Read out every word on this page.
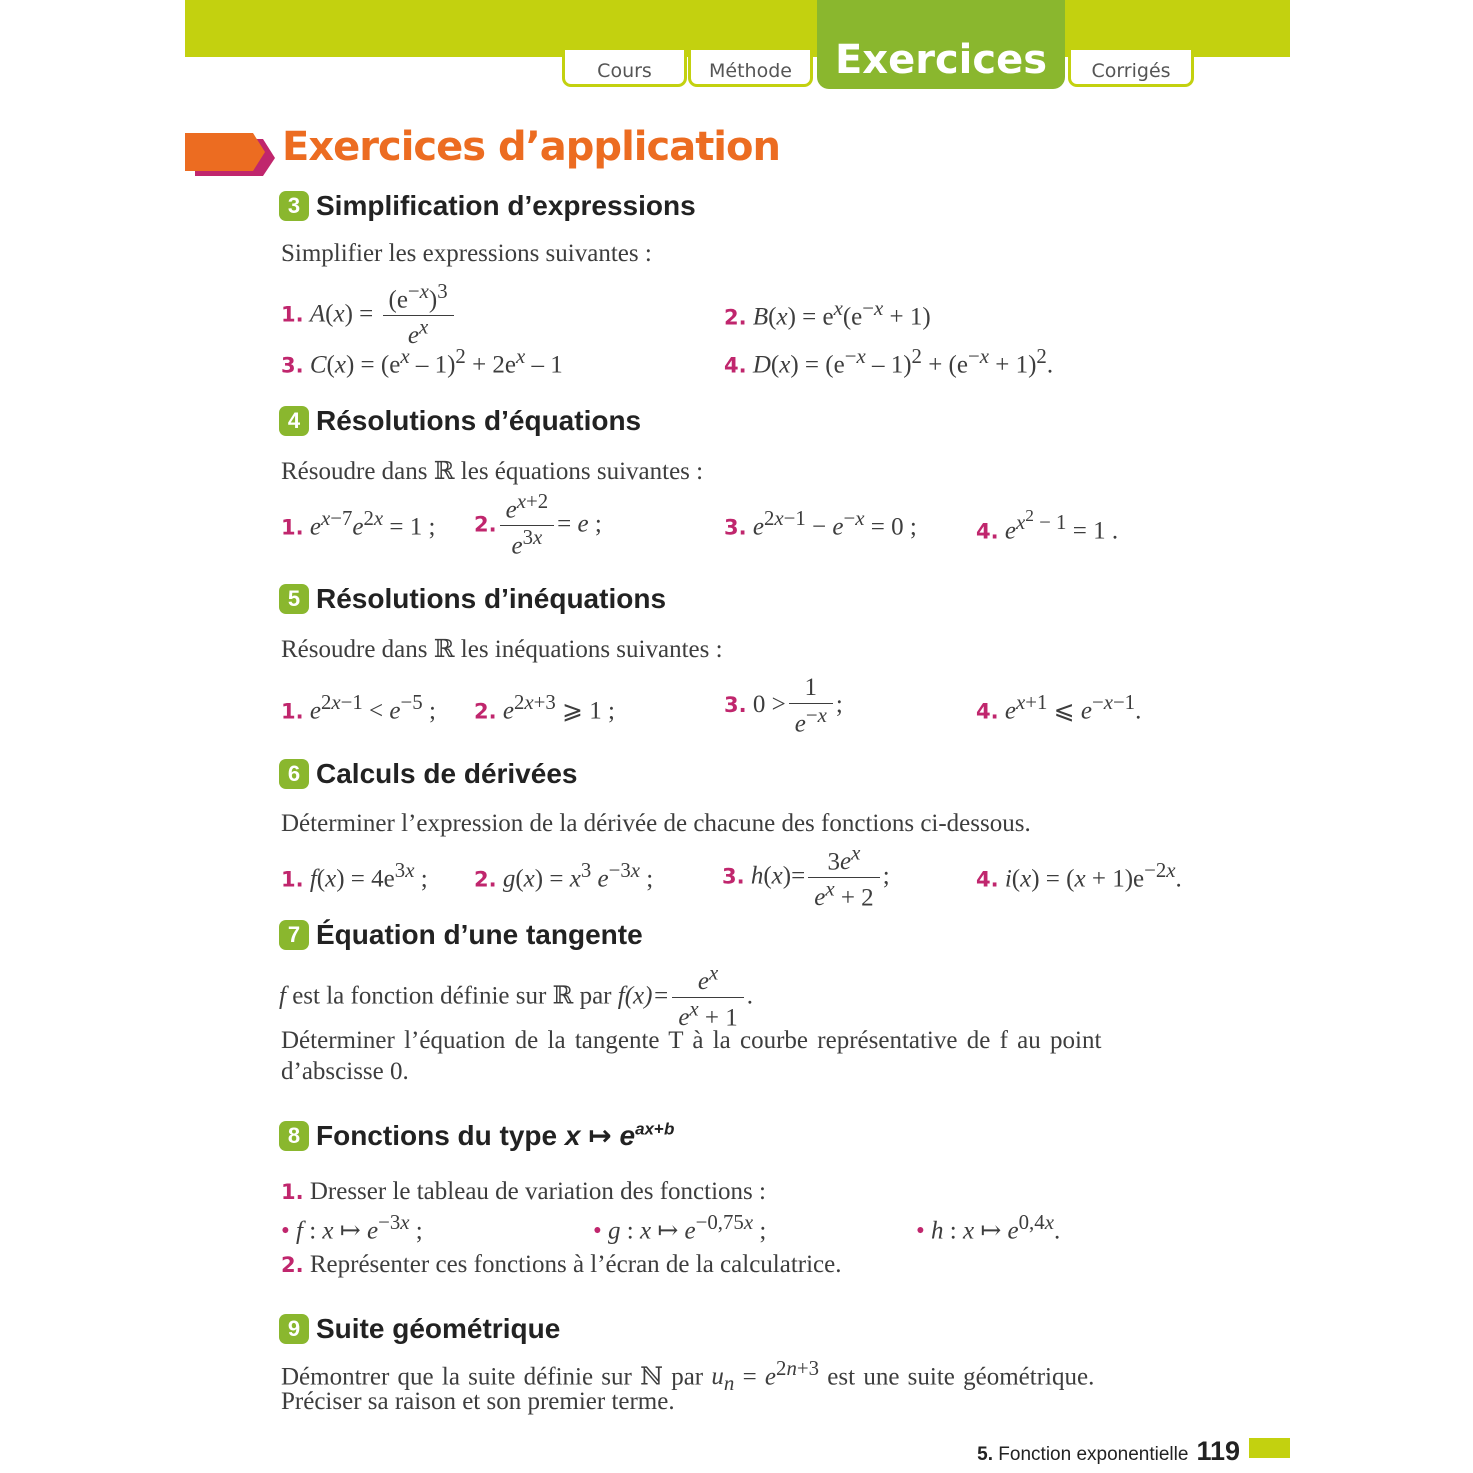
Cours	Méthode	Exercices	Corrigés
Exercices d’application
3 Simplification d’expressions
Simplifier les expressions suivantes :
1. $A(x) = \frac{(e^{-x})^3}{e^x}$	2. $B(x) = e^x(e^{-x} + 1)$
3. $C(x) = (e^x - 1)^2 + 2e^x - 1$	4. $D(x) = (e^{-x} - 1)^2 + (e^{-x} + 1)^2$.
4 Résolutions d’équations
Résoudre dans ℝ les équations suivantes :
1. $e^{x-7}e^{2x} = 1$ ; 2. $\frac{e^{x+2}}{e^{3x}} = e$ ;	3. $e^{2x-1} - e^{-x} = 0$ ;	4. $e^{x^2 - 1} = 1$ .
5 Résolutions d’inéquations
Résoudre dans ℝ les inéquations suivantes :
1. $e^{2x-1} < e^{-5}$ ; 2. $e^{2x+3}$ ⩾ 1 ;	3. $0 > \frac{1}{e^{-x}}$ ;	4. $e^{x+1}$ ⩽ $e^{-x-1}$.
6 Calculs de dérivées
Déterminer l’expression de la dérivée de chacune des fonctions ci-dessous.
1. $f(x) = 4e^{3x}$ ; 2. $g(x) = x^3$ $e^{-3x}$ ;	3. $h(x)= \frac{3e^x}{e^x + 2}$ ;	4. $i(x) = (x + 1)e^{-2x}$.
7 Équation d’une tangente
f est la fonction définie sur ℝ par $f(x)= \frac{e^x}{e^x + 1}$ .
Déterminer l’équation de la tangente T à la courbe représentative de f au point
d’abscisse 0.
8 Fonctions du type x ↦ $e^{ax+b}$
1. Dresser le tableau de variation des fonctions :
• f : x ↦ $e^{-3x}$ ;	• g : x ↦ $e^{-0,75x}$ ;	• h : x ↦ $e^{0,4x}$.
2. Représenter ces fonctions à l’écran de la calculatrice.
9 Suite géométrique
Démontrer que la suite définie sur ℕ par $u_n = e^{2n+3}$ est une suite géométrique.
Préciser sa raison et son premier terme.
5. Fonction exponentielle 119
